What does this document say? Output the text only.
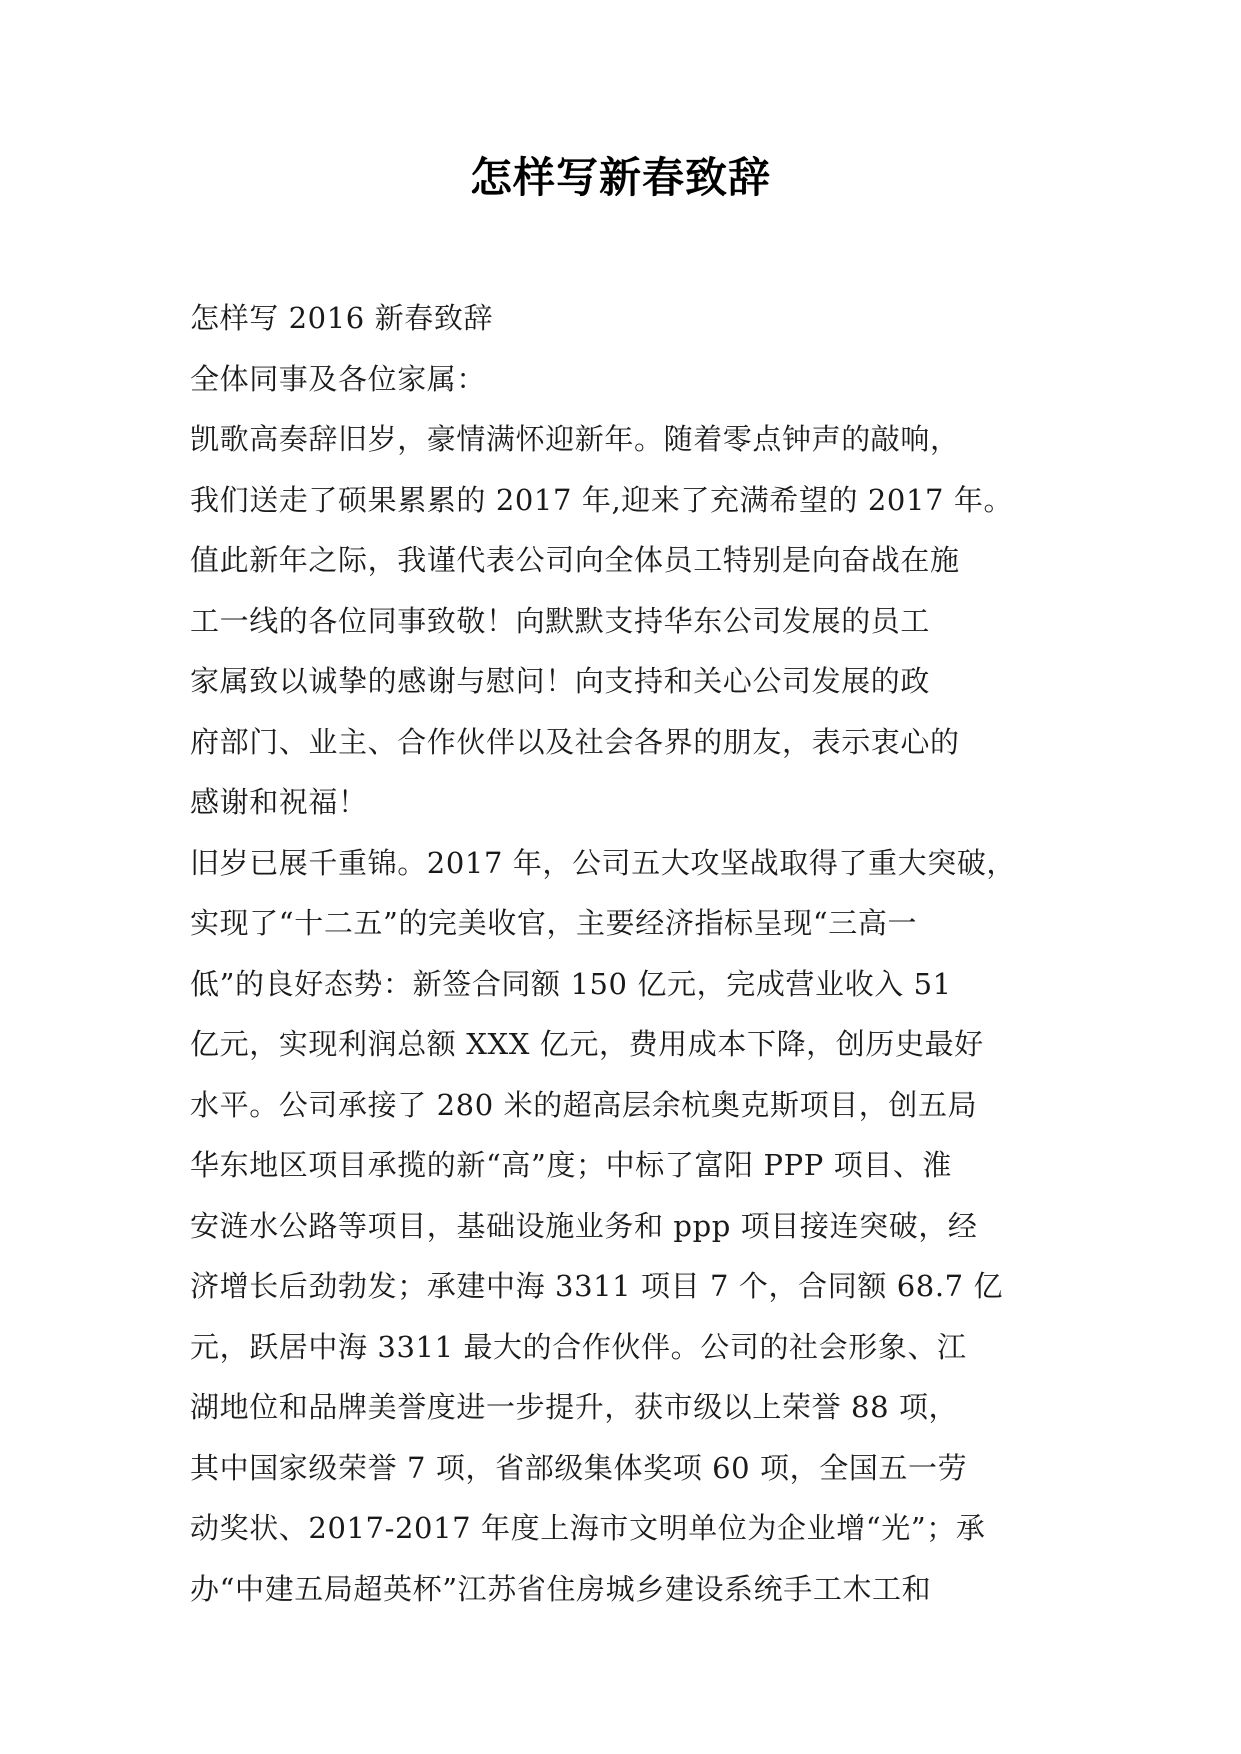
怎样写新春致辞
怎样写 2016 新春致辞
全体同事及各位家属：
凯歌高奏辞旧岁，豪情满怀迎新年。随着零点钟声的敲响，
我们送走了硕果累累的 2017 年,迎来了充满希望的 2017 年。
值此新年之际，我谨代表公司向全体员工特别是向奋战在施
工一线的各位同事致敬！向默默支持华东公司发展的员工
家属致以诚挚的感谢与慰问！向支持和关心公司发展的政
府部门、业主、合作伙伴以及社会各界的朋友，表示衷心的
感谢和祝福！
旧岁已展千重锦。2017 年，公司五大攻坚战取得了重大突破，
实现了“十二五”的完美收官，主要经济指标呈现“三高一
低”的良好态势：新签合同额 150 亿元，完成营业收入 51
亿元，实现利润总额 XXX 亿元，费用成本下降，创历史最好
水平。公司承接了 280 米的超高层余杭奥克斯项目，创五局
华东地区项目承揽的新“高”度；中标了富阳 PPP 项目、淮
安涟水公路等项目，基础设施业务和 ppp 项目接连突破，经
济增长后劲勃发；承建中海 3311 项目 7 个，合同额 68.7 亿
元，跃居中海 3311 最大的合作伙伴。公司的社会形象、江
湖地位和品牌美誉度进一步提升，获市级以上荣誉 88 项，
其中国家级荣誉 7 项，省部级集体奖项 60 项，全国五一劳
动奖状、2017-2017 年度上海市文明单位为企业增“光”；承
办“中建五局超英杯”江苏省住房城乡建设系统手工木工和
